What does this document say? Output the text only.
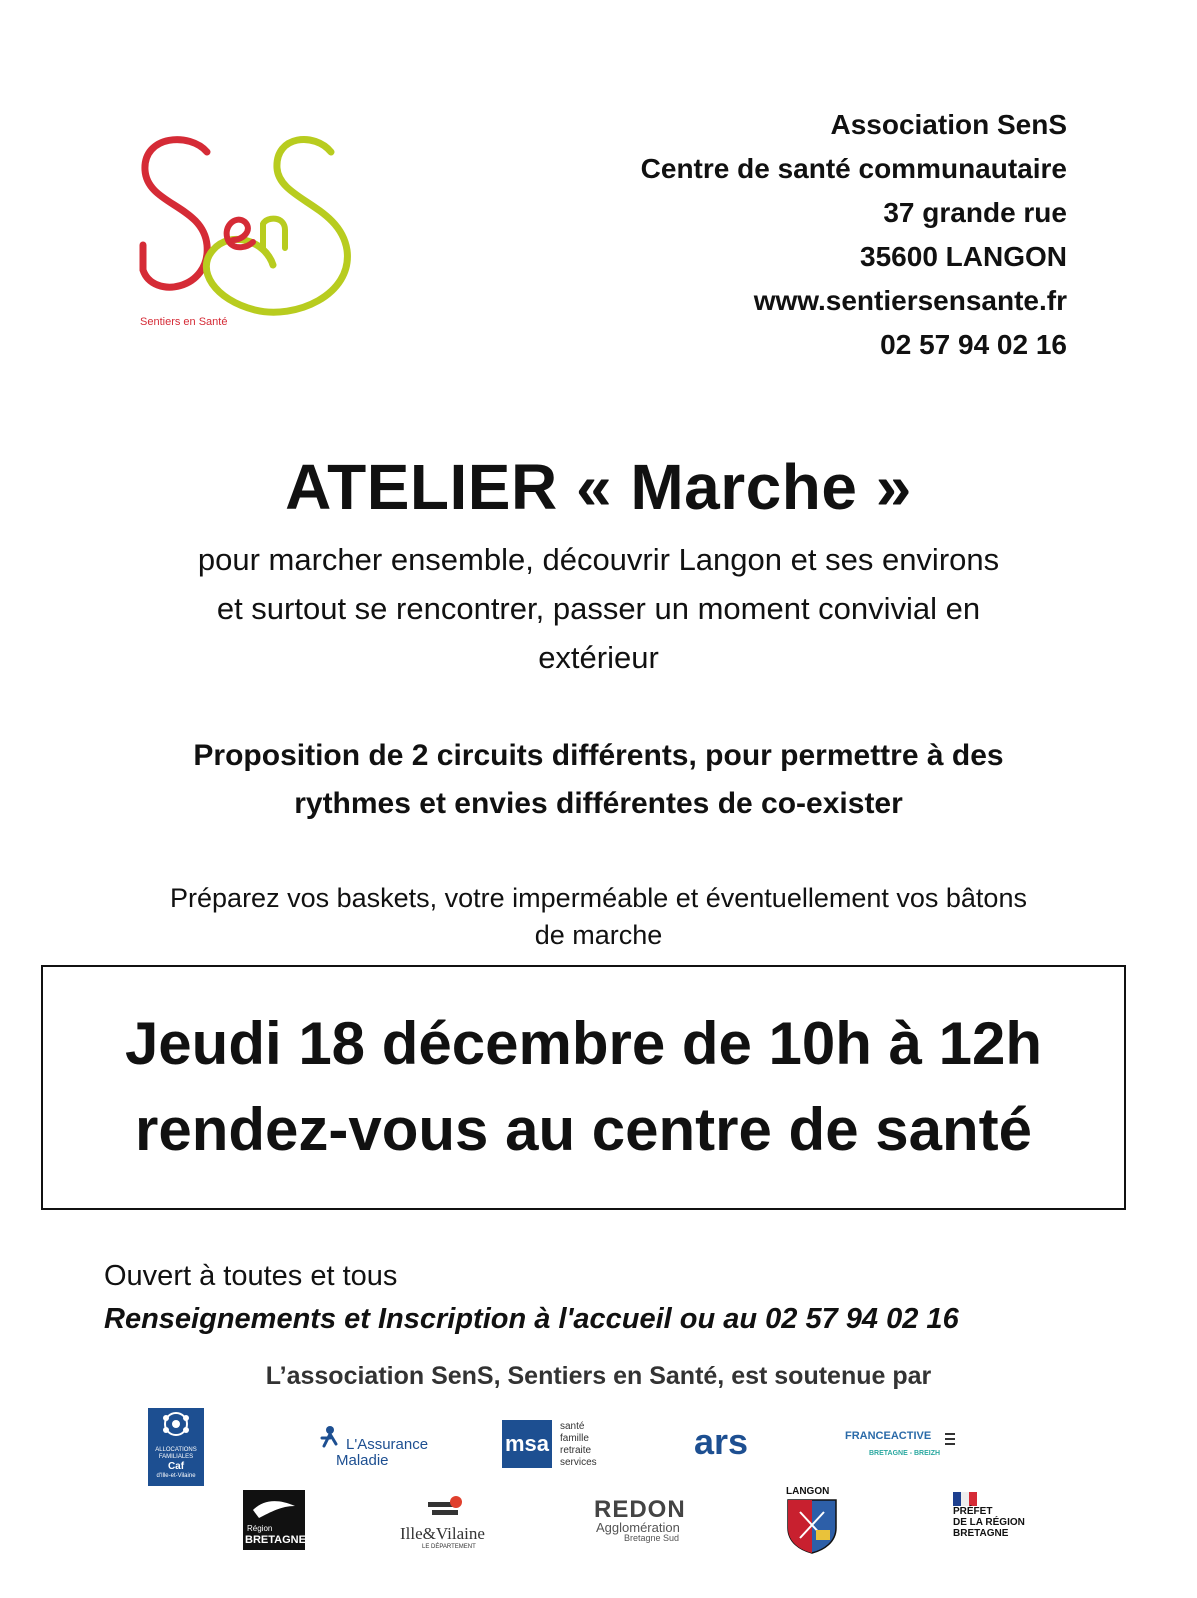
Sentiers en Santé
Association SenS
Centre de santé communautaire
37 grande rue
35600 LANGON
www.sentiersensante.fr
02 57 94 02 16
ATELIER « Marche »
pour marcher ensemble, découvrir Langon et ses environs
et surtout se rencontrer, passer un moment convivial en
extérieur
Proposition de 2 circuits différents, pour permettre à des
rythmes et envies différentes de co-exister
Préparez vos baskets, votre imperméable et éventuellement vos bâtons
de marche
Jeudi 18 décembre de 10h à 12h
rendez-vous au centre de santé
Ouvert à toutes et tous
Renseignements et Inscription à l'accueil ou au 02 57 94 02 16
L’association SenS, Sentiers en Santé, est soutenue par
ALLOCATIONS
FAMILIALES
Caf
d'Ille-et-Vilaine
L'Assurance
Maladie
msa
santé
famille
retraite
services
ars	FRANCEACTIVE
BRETAGNE - BREIZH
Région
BRETAGNE	Ille&Vilaine
LE DÉPARTEMENT
REDON
Agglomération
Bretagne Sud
LANGON
PRÉFET
DE LA RÉGION
BRETAGNE
